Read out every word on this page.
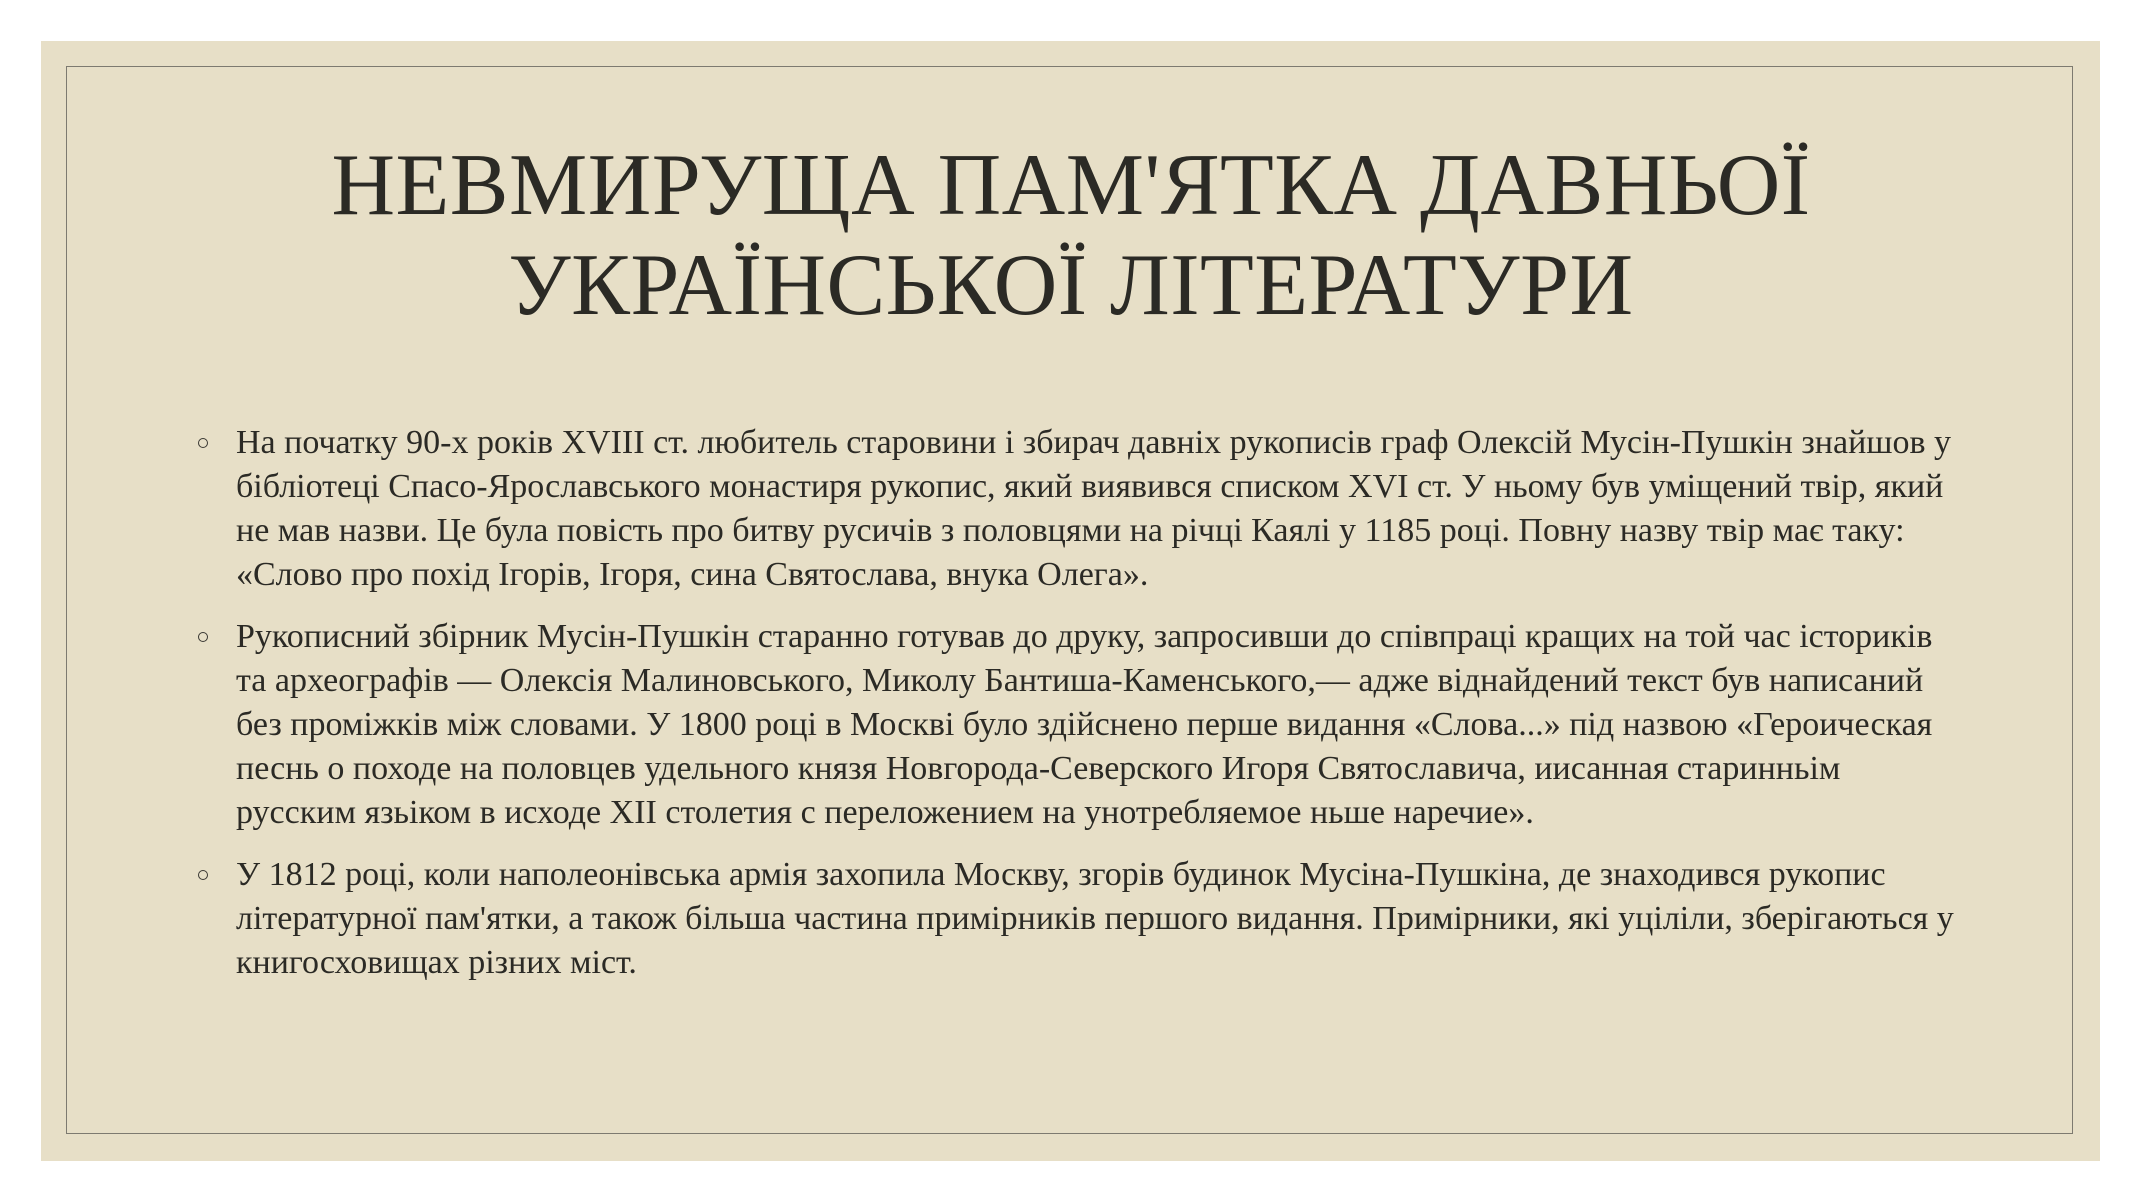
НЕВМИРУЩА ПАМ'ЯТКА ДАВНЬОЇ
УКРАЇНСЬКОЇ ЛІТЕРАТУРИ
На початку 90-х років XVIII ст. любитель старовини і збирач давніх рукописів граф Олексій Мусін-Пушкін знайшов у бібліотеці Спасо-Ярославського монастиря рукопис, який виявився списком XVI ст. У ньому був уміщений твір, який не мав назви. Це була повість про битву русичів з половцями на річці Каялі у 1185 році. Повну назву твір має таку: «Слово про похід Ігорів, Ігоря, сина Святослава, внука Олега».
Рукописний збірник Мусін-Пушкін старанно готував до друку, запросивши до співпраці кращих на той час істориків та археографів — Олексія Малиновського, Миколу Бантиша-Каменського,— адже віднайдений текст був написаний без проміжків між словами. У 1800 році в Москві було здійснено перше видання «Слова...» під назвою «Героическая песнь о походе на половцев удельного князя Новгорода-Северского Игоря Святославича, иисанная старинньім русским язьiком в исходе XII столетия с переложением на унотребляемое ньше наречие».
У 1812 році, коли наполеонівська армія захопила Москву, згорів будинок Мусіна-Пушкіна, де знаходився рукопис літературної пам'ятки, а також більша частина примірників першого видання. Примірники, які уціліли, зберігаються у книгосховищах різних міст.
